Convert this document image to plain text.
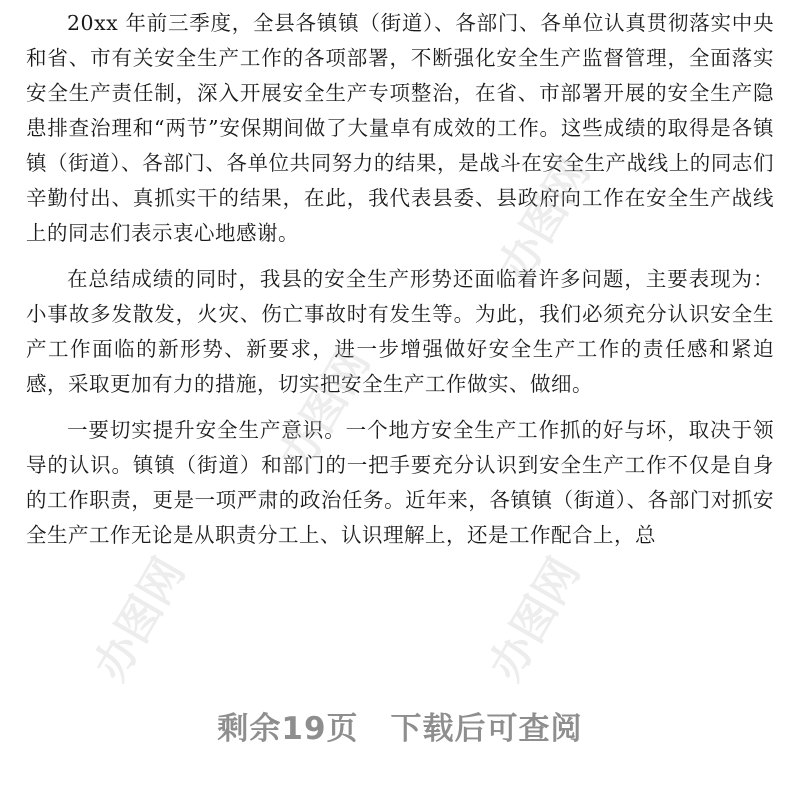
20xx 年前三季度，全县各镇镇（街道）、各部门、各单位认真贯彻落实中央和省、市有关安全生产工作的各项部署，不断强化安全生产监督管理，全面落实安全生产责任制，深入开展安全生产专项整治，在省、市部署开展的安全生产隐患排查治理和“两节”安保期间做了大量卓有成效的工作。这些成绩的取得是各镇镇（街道）、各部门、各单位共同努力的结果，是战斗在安全生产战线上的同志们辛勤付出、真抓实干的结果，在此，我代表县委、县政府向工作在安全生产战线上的同志们表示衷心地感谢。

在总结成绩的同时，我县的安全生产形势还面临着许多问题，主要表现为：小事故多发散发，火灾、伤亡事故时有发生等。为此，我们必须充分认识安全生产工作面临的新形势、新要求，进一步增强做好安全生产工作的责任感和紧迫感，采取更加有力的措施，切实把安全生产工作做实、做细。

一要切实提升安全生产意识。一个地方安全生产工作抓的好与坏，取决于领导的认识。镇镇（街道）和部门的一把手要充分认识到安全生产工作不仅是自身的工作职责，更是一项严肃的政治任务。近年来，各镇镇（街道）、各部门对抓安全生产工作无论是从职责分工上、认识理解上，还是工作配合上，总

办图网
办图网
办图网	办图网
剩余19页　下载后可查阅
